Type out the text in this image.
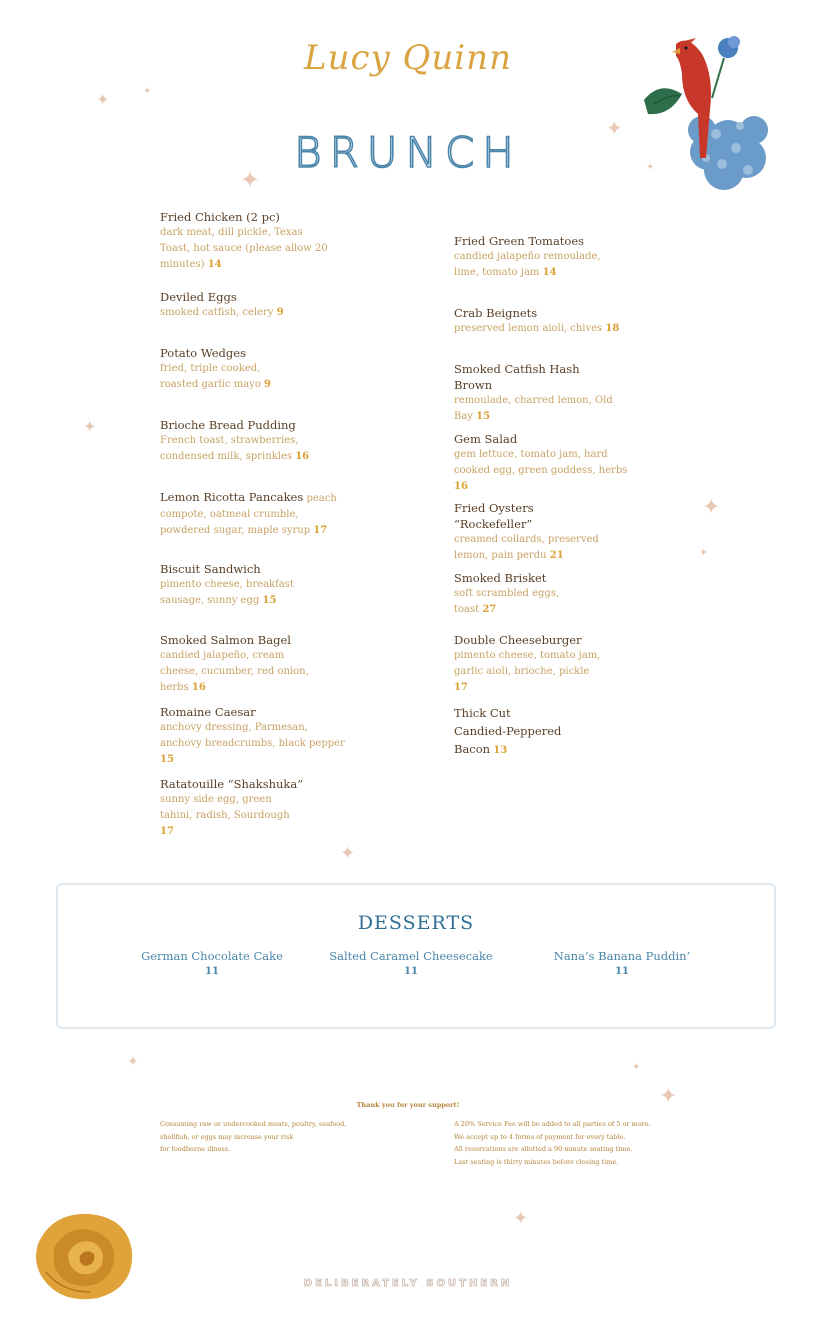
Lucy Quinn
✦	✦
✦
✦
✦
✦
✦
✦
✦
✦	✦
✦
✦
BRUNCH
Fried Chicken (2 pc)
dark meat, dill pickle, Texas Toast, hot sauce (please allow 20 minutes) 14
Deviled Eggs
smoked catfish, celery 9
Potato Wedges
fried, triple cooked, roasted garlic mayo 9
Brioche Bread Pudding
French toast, strawberries, condensed milk, sprinkles 16
Lemon Ricotta Pancakes peach compote, oatmeal crumble, powdered sugar, maple syrup 17
Biscuit Sandwich
pimento cheese, breakfast sausage, sunny egg 15
Smoked Salmon Bagel
candied jalapeño, cream cheese, cucumber, red onion, herbs 16
Romaine Caesar
anchovy dressing, Parmesan, anchovy breadcrumbs, black pepper 15
Ratatouille “Shakshuka”
sunny side egg, green tahini, radish, Sourdough 17
Fried Green Tomatoes
candied jalapeño remoulade, lime, tomato jam 14
Crab Beignets
preserved lemon aioli, chives 18
Smoked Catfish Hash Brown
remoulade, charred lemon, Old Bay 15
Gem Salad
gem lettuce, tomato jam, hard cooked egg, green goddess, herbs 16
Fried Oysters “Rockefeller”
creamed collards, preserved lemon, pain perdu 21
Smoked Brisket
soft scrambled eggs, toast 27
Double Cheeseburger
pimento cheese, tomato jam, garlic aioli, brioche, pickle 17
Thick Cut Candied-Peppered Bacon 13
DESSERTS
German Chocolate Cake
11
Salted Caramel Cheesecake
11
Nana’s Banana Puddin’
11
Thank you for your support!
Consuming raw or undercooked meats, poultry, seafood,
shellfish, or eggs may increase your risk
for foodborne illness.
A 20% Service Fee will be added to all parties of 5 or more.
We accept up to 4 forms of payment for every table.
All reservations are allotted a 90 minute seating time.
Last seating is thirty minutes before closing time.
DELIBERATELY SOUTHERN
